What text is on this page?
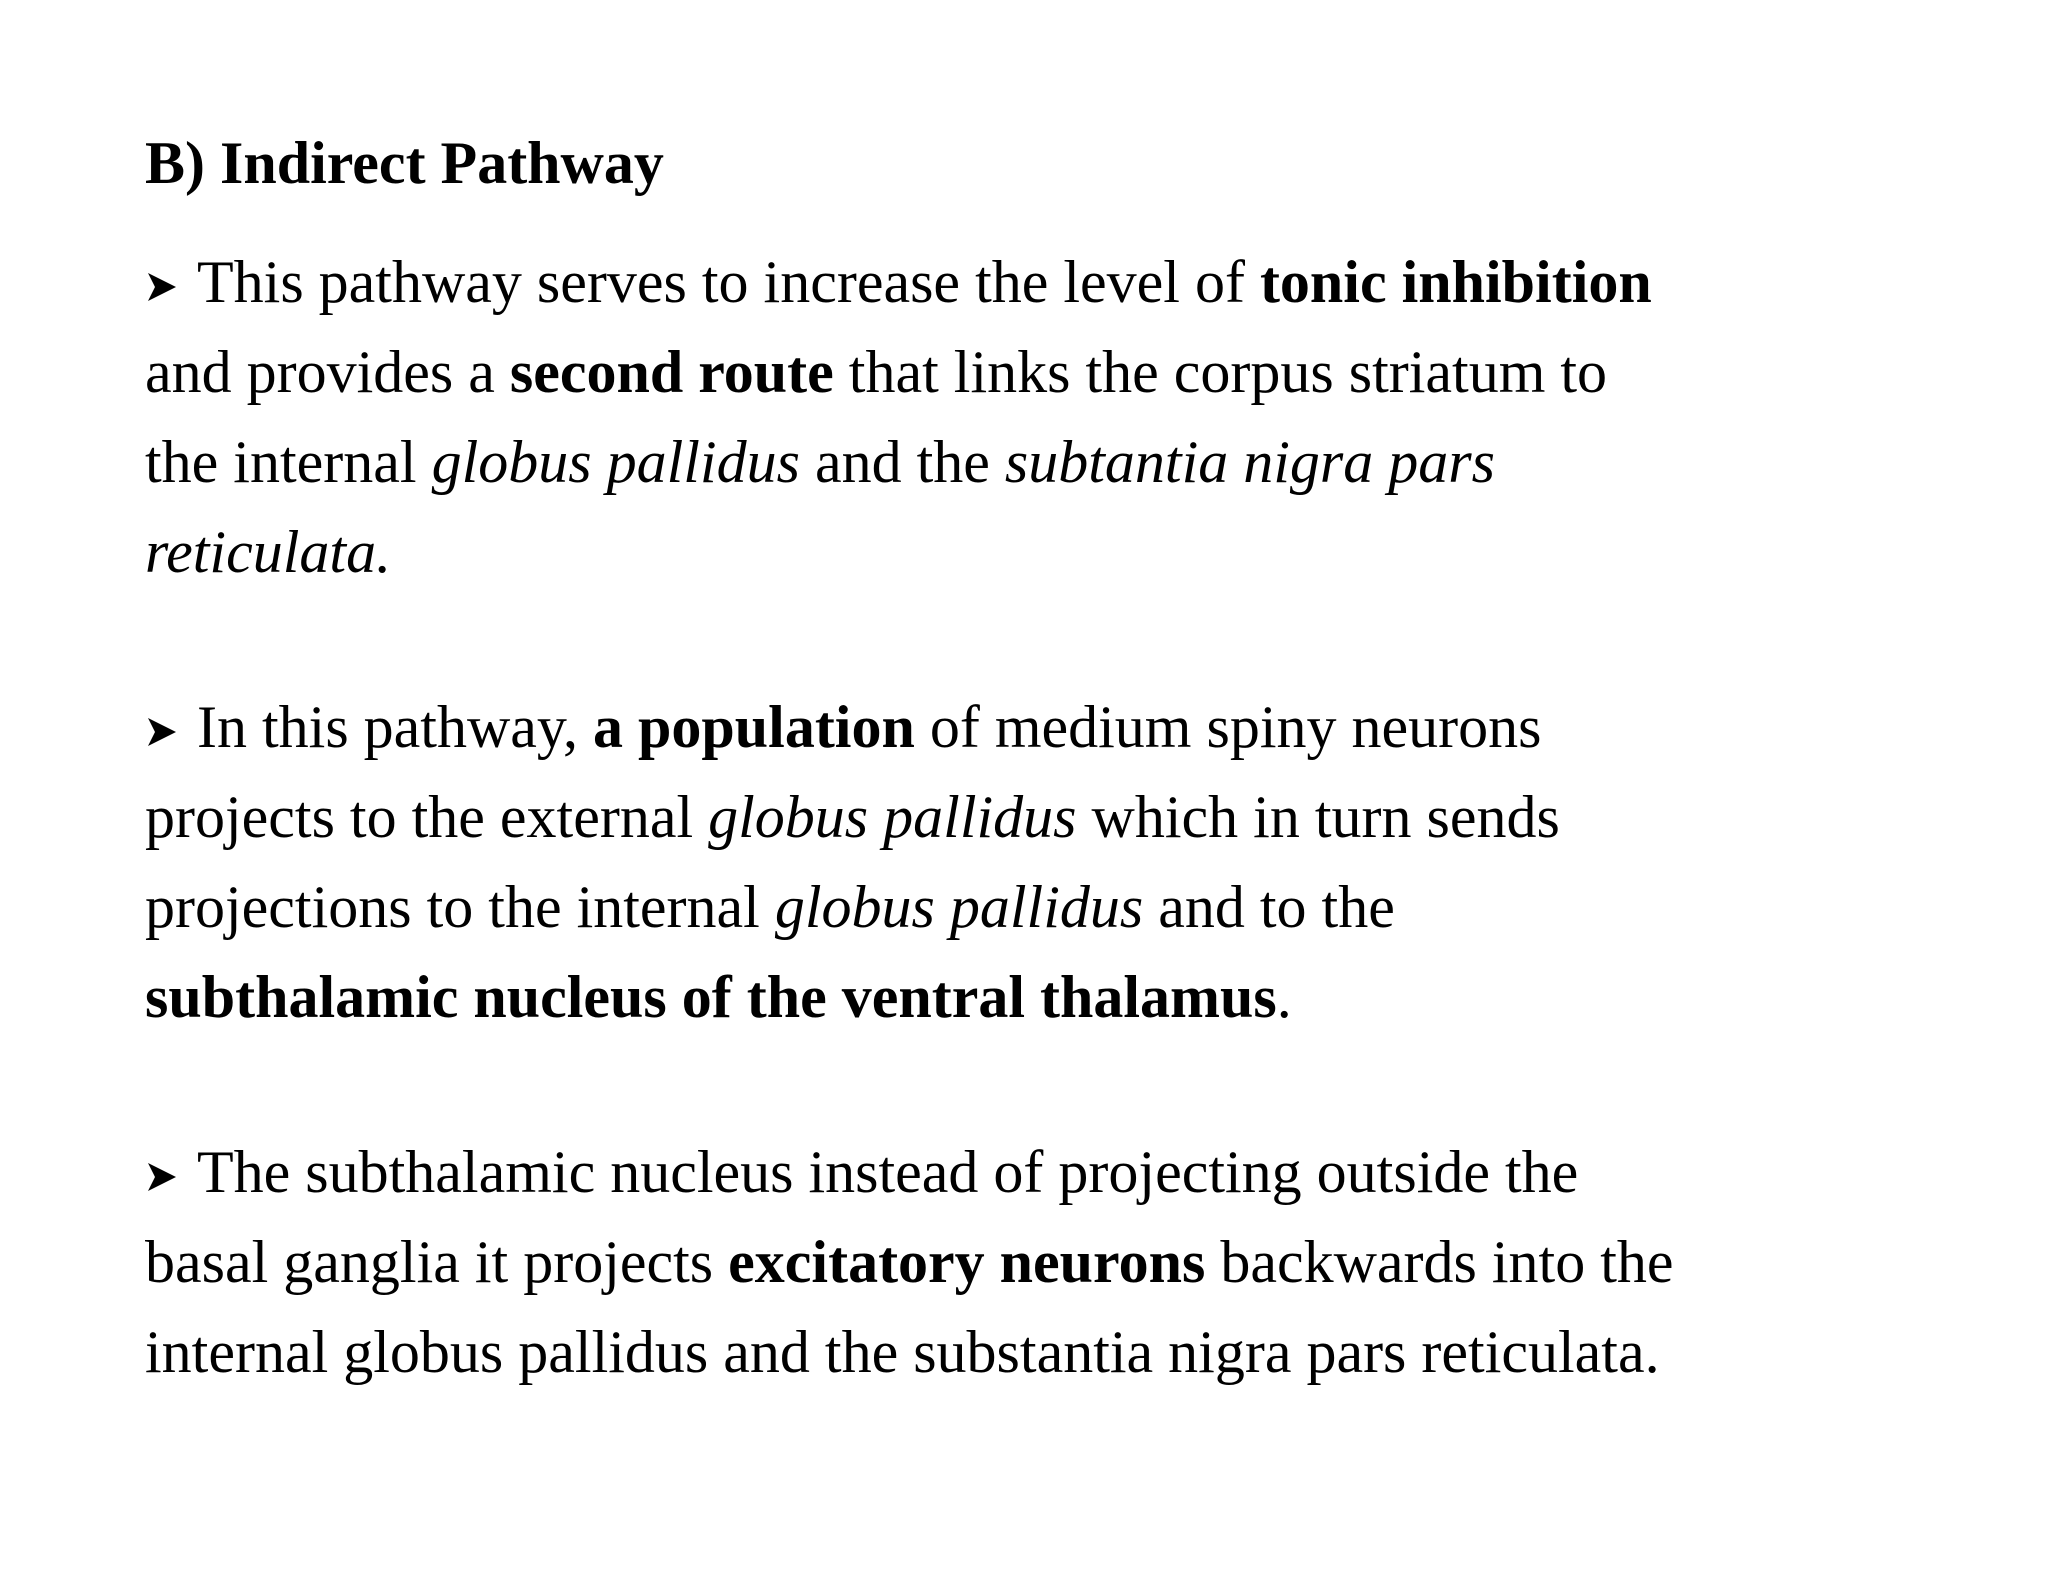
B) Indirect Pathway
This pathway serves to increase the level of tonic inhibition
and provides a second route that links the corpus striatum to
the internal globus pallidus and the subtantia nigra pars
reticulata.
In this pathway, a population of medium spiny neurons
projects to the external globus pallidus which in turn sends
projections to the internal globus pallidus and to the
subthalamic nucleus of the ventral thalamus.
The subthalamic nucleus instead of projecting outside the
basal ganglia it projects excitatory neurons backwards into the
internal globus pallidus and the substantia nigra pars reticulata.
